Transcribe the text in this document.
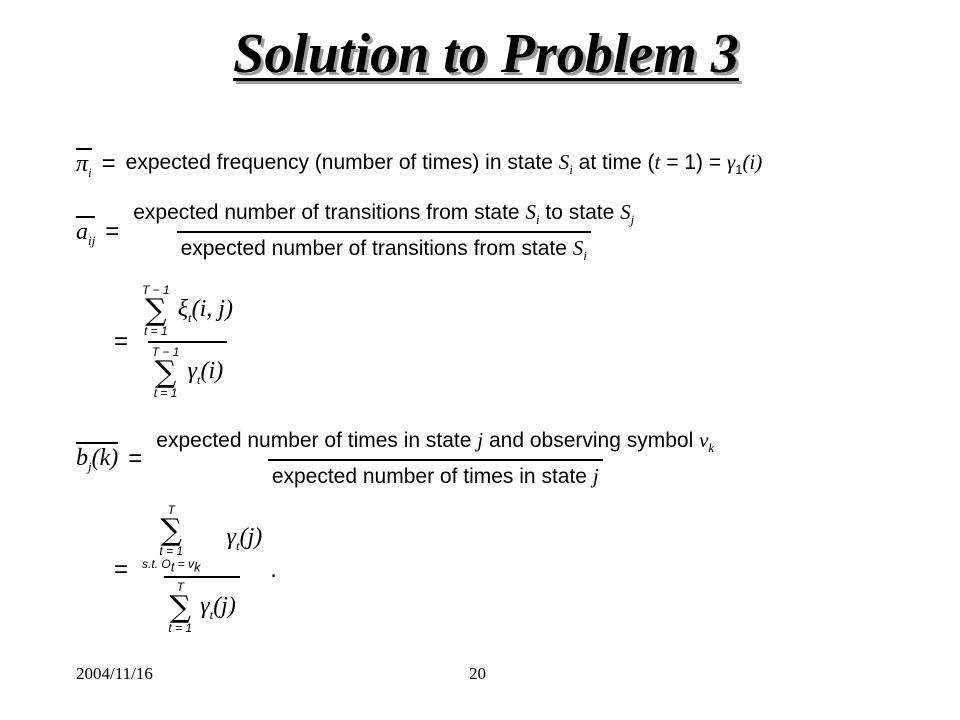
Solution to Problem 3
$\pi_i$ = expected frequency (number of times) in state $S_i$ at time $(t = 1) = \gamma_1(i)$
$a_{ij} = \frac{expected number of transitions from state S_i to state S_j}{expected number of transitions from state S_i}$
= T − 1
∑
t = 1
$\xi_t(i$, j)
T − 1
∑
t = 1
$\gamma_t(i)$
$b_j(k) = \frac{expected number of times in state j and observing symbol v_k}{\text{expected number of times in state j}}$
=
T
∑
t = 1
s.t. $O_t = v_k$
$\gamma_t(j)$
T
∑
t = 1
$\gamma_t(j)$
.
2004/11/16	20
